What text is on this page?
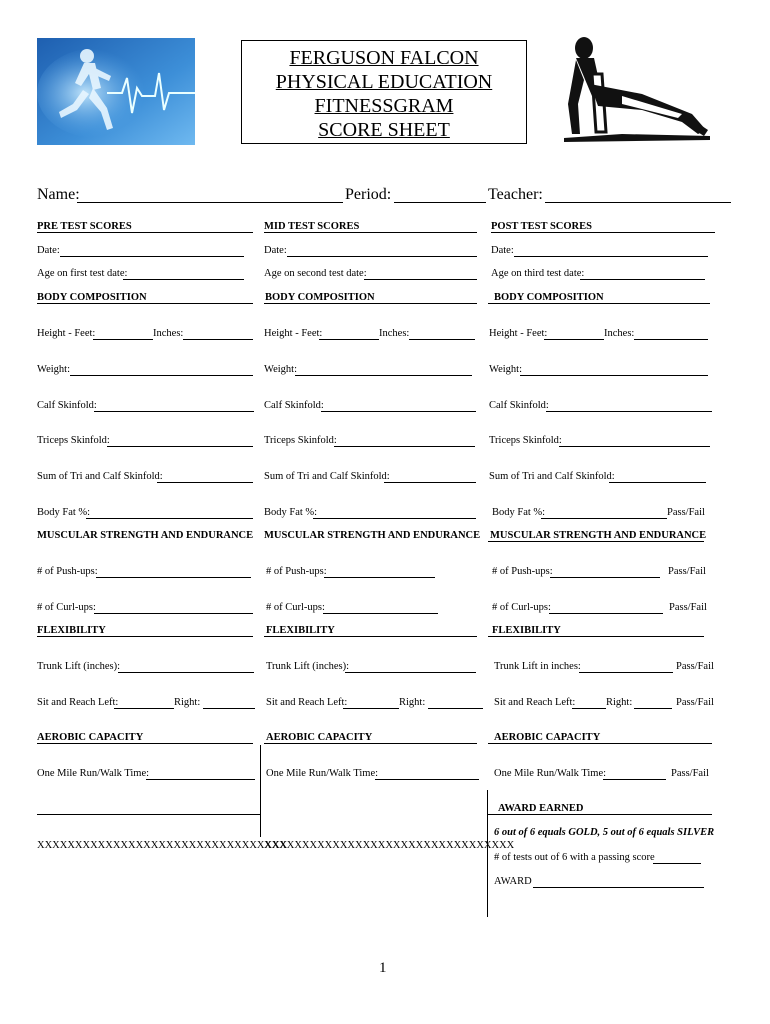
FERGUSON FALCON
PHYSICAL EDUCATION
FITNESSGRAM
SCORE SHEET
Name:	Period:	Teacher:
PRE TEST SCORES
Date:
Age on first test date:
BODY COMPOSITION
Height - Feet:	Inches:
Weight:
Calf Skinfold:
Triceps Skinfold:
Sum of Tri and Calf Skinfold:
Body Fat %:
MUSCULAR STRENGTH AND ENDURANCE
# of Push-ups:
# of Curl-ups:
FLEXIBILITY
Trunk Lift (inches):
Sit and Reach Left:	Right:
AEROBIC CAPACITY
One Mile Run/Walk Time:
MID TEST SCORES
Date:
Age on second test date:
BODY COMPOSITION
Height - Feet:	Inches:
Weight:
Calf Skinfold:
Triceps Skinfold:
Sum of Tri and Calf Skinfold:
Body Fat %:
MUSCULAR STRENGTH AND ENDURANCE
# of Push-ups:
# of Curl-ups:
FLEXIBILITY
Trunk Lift (inches):
Sit and Reach Left:	Right:
AEROBIC CAPACITY
One Mile Run/Walk Time:
POST TEST SCORES
Date:
Age on third test date:
BODY COMPOSITION
Height - Feet:	Inches:
Weight:
Calf Skinfold:
Triceps Skinfold:
Sum of Tri and Calf Skinfold:
Body Fat %:	Pass/Fail
MUSCULAR STRENGTH AND ENDURANCE
# of Push-ups:	Pass/Fail
# of Curl-ups:	Pass/Fail
FLEXIBILITY
Trunk Lift in inches:	Pass/Fail
Sit and Reach Left:	Right:	Pass/Fail
AEROBIC CAPACITY
One Mile Run/Walk Time:	Pass/Fail
AWARD EARNED
6 out of 6 equals GOLD, 5 out of 6 equals SILVER
# of tests out of 6 with a passing score
AWARD
XXXXXXXXXXXXXXXXXXXXXXXXXXXXXXXXX
XXXXXXXXXXXXXXXXXXXXXXXXXXXXXXXXX
1
